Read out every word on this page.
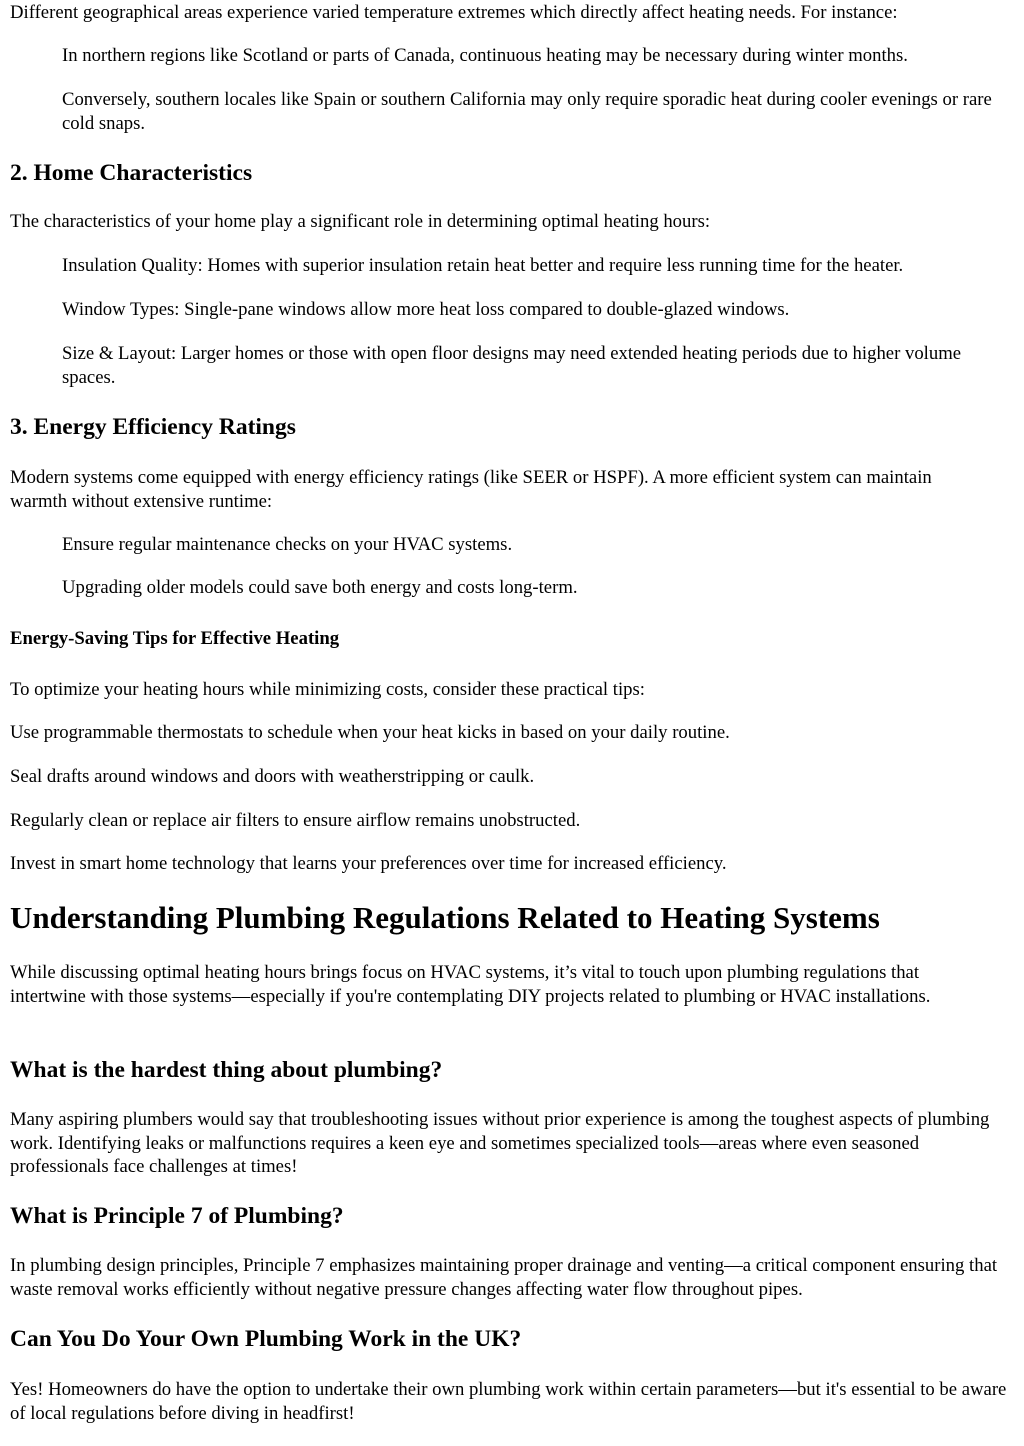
Different geographical areas experience varied temperature extremes which directly affect heating needs. For instance:

In northern regions like Scotland or parts of Canada, continuous heating may be necessary during winter months.

Conversely, southern locales like Spain or southern California may only require sporadic heat during cooler evenings or rare cold snaps.

2. Home Characteristics

The characteristics of your home play a significant role in determining optimal heating hours:

Insulation Quality: Homes with superior insulation retain heat better and require less running time for the heater.

Window Types: Single-pane windows allow more heat loss compared to double-glazed windows.

Size & Layout: Larger homes or those with open floor designs may need extended heating periods due to higher volume spaces.

3. Energy Efficiency Ratings

Modern systems come equipped with energy efficiency ratings (like SEER or HSPF). A more efficient system can maintain warmth without extensive runtime:

Ensure regular maintenance checks on your HVAC systems.

Upgrading older models could save both energy and costs long-term.

Energy-Saving Tips for Effective Heating

To optimize your heating hours while minimizing costs, consider these practical tips:

Use programmable thermostats to schedule when your heat kicks in based on your daily routine.

Seal drafts around windows and doors with weatherstripping or caulk.

Regularly clean or replace air filters to ensure airflow remains unobstructed.

Invest in smart home technology that learns your preferences over time for increased efficiency.

Understanding Plumbing Regulations Related to Heating Systems

While discussing optimal heating hours brings focus on HVAC systems, it’s vital to touch upon plumbing regulations that intertwine with those systems—especially if you're contemplating DIY projects related to plumbing or HVAC installations.

What is the hardest thing about plumbing?

Many aspiring plumbers would say that troubleshooting issues without prior experience is among the toughest aspects of plumbing work. Identifying leaks or malfunctions requires a keen eye and sometimes specialized tools—areas where even seasoned professionals face challenges at times!

What is Principle 7 of Plumbing?

In plumbing design principles, Principle 7 emphasizes maintaining proper drainage and venting—a critical component ensuring that waste removal works efficiently without negative pressure changes affecting water flow throughout pipes.

Can You Do Your Own Plumbing Work in the UK?

Yes! Homeowners do have the option to undertake their own plumbing work within certain parameters—but it's essential to be aware of local regulations before diving in headfirst!
